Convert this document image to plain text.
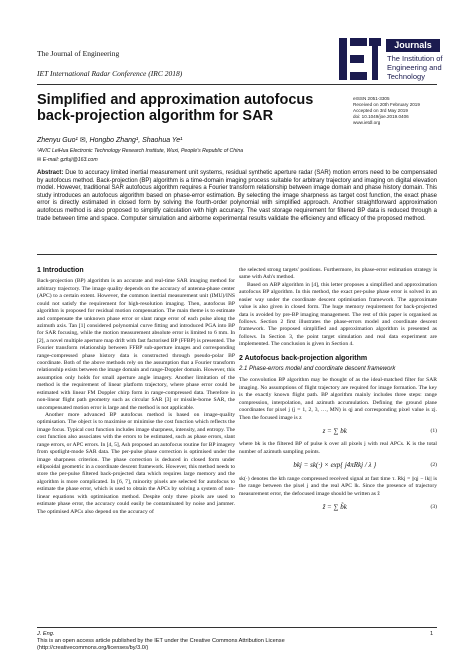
The Journal of Engineering
IET International Radar Conference (IRC 2018)
Journals
The Institution of
Engineering and Technology
Simplified and approximation autofocus back-projection algorithm for SAR
eISSN 2051-3305
Received on 20th February 2019
Accepted on 3rd May 2019
doi: 10.1049/joe.2019.0406
www.ietdl.org
Zhenyu Guo¹ ✉, Hongbo Zhang¹, Shaohua Ye¹
¹AVIC LeiHua Electronic Technology Research Institute, Wuxi, People's Republic of China
✉ E-mail: gzfuji@163.com
Abstract: Due to accuracy limited inertial measurement unit systems, residual synthetic aperture radar (SAR) motion errors need to be compensated by autofocus method. Back-projection (BP) algorithm is a time-domain imaging process suitable for arbitrary trajectory and imaging on digital elevation model. However, traditional SAR autofocus algorithm requires a Fourier transform relationship between image domain and phase history domain. This study introduces an autofocus algorithm based on phase-error estimation. By selecting the image sharpness as target cost function, the exact phase error is directly estimated in closed form by solving the fourth-order polynomial with simplified approach. Another straightforward approximation autofocus method is also proposed to simplify calculation with high accuracy. The vast storage requirement for filtered BP data is reduced through a trade between time and space. Computer simulation and airborne experimental results validate the efficiency and efficacy of the proposed method.
1 Introduction

Back-projection (BP) algorithm is an accurate and real-time SAR imaging method for arbitrary trajectory. The image quality depends on the accuracy of antenna-phase center (APC) to a certain extent. However, the common inertial measurement unit (IMU)/INS could not satisfy the requirement for high-resolution imaging. Then, autofocus BP algorithm is proposed for residual motion compensation. The main theme is to estimate and compensate the unknown phase error or slant range error of each pulse along the azimuth axis. Tan [1] considered polynomial curve fitting and introduced PGA into BP for SAR focusing, while the motion measurement absolute error is limited to 6 mm. In [2], a novel multiple aperture map drift with fast factorised BP (FFBP) is presented. The Fourier transform relationship between FFBP sub-aperture images and corresponding range-compressed phase history data is constructed through pseudo-polar BP coordinate. Both of the above methods rely on the assumption that a Fourier transform relationship exists between the image domain and range-Doppler domain. However, this assumption only holds for small aperture angle imagery. Another limitation of the method is the requirement of linear platform trajectory, where phase error could be estimated with linear FM Doppler chirp form in range-compressed data. Therefore in non-linear flight path geometry such as circular SAR [3] or missile-borne SAR, the uncompensated motion error is large and the method is not applicable.

Another more advanced BP autofocus method is based on image-quality optimisation. The object is to maximise or minimise the cost function which reflects the image focus. Typical cost function includes image sharpness, intensity, and entropy. The cost function also associates with the errors to be estimated, such as phase errors, slant range errors, or APC errors. In [4, 5], Ash proposed an autofocus routine for BP imagery from spotlight-mode SAR data. The per-pulse phase correction is optimised under the image sharpness criterion. The phase correction is deduced in closed form under ellipsoidal geometric in a coordinate descent framework. However, this method needs to store the per-pulse filtered back-projected data which requires large memory and the algorithm is more complicated. In [6, 7], minority pixels are selected for autofocus to estimate the phase error, which is used to obtain the APCs by solving a system of non-linear equations with optimisation method. Despite only three pixels are used to estimate phase error, the accuracy could easily be contaminated by noise and jammer. The optimised APCs also depend on the accuracy of

the selected strong targets' positions. Furthermore, its phase-error estimation strategy is same with Ash's method.

Based on ABP algorithm in [4], this letter proposes a simplified and approximation autofocus BP algorithm. In this method, the exact per-pulse phase error is solved in an easier way under the coordinate descent optimisation framework. The approximate value is also given in closed form. The huge memory requirement for back-projected data is avoided by pre-BP imaging management. The rest of this paper is organised as follows. Section 2 first illustrates the phase-errors model and coordinate descent framework. The proposed simplified and approximation algorithm is presented as follows. In Section 3, the point target simulation and real data experiment are implemented. The conclusion is given in Section 4.

2 Autofocus back-projection algorithm
2.1 Phase-errors model and coordinate descent framework

The convolution BP algorithm may be thought of as the ideal-matched filter for SAR imaging. No assumptions of flight trajectory are required for image formation. The key is the exactly known flight path. BP algorithm mainly includes three steps: range compression, interpolation, and azimuth accumulation. Defining the ground plane coordinates for pixel j (j = 1, 2, 3, …, MN) is qj and corresponding pixel value is zj. Then the focused image is z

z = ∑ bk	(1)

where bk is the filtered BP of pulse k over all pixels j with real APCs. K is the total number of azimuth sampling points.

bkj = sk(·) × exp{ j4πRkj / λ }	(2)

sk(·) denotes the kth range compressed received signal at fast time τ. Rkj = ||qj − lk|| is the range between the pixel j and the real APC lk. Since the presence of trajectory measurement error, the defocused image should be written as z̃

z̃ = ∑ b̃k	(3)
J. Eng.
This is an open access article published by the IET under the Creative Commons Attribution License
(http://creativecommons.org/licenses/by/3.0/)
1
